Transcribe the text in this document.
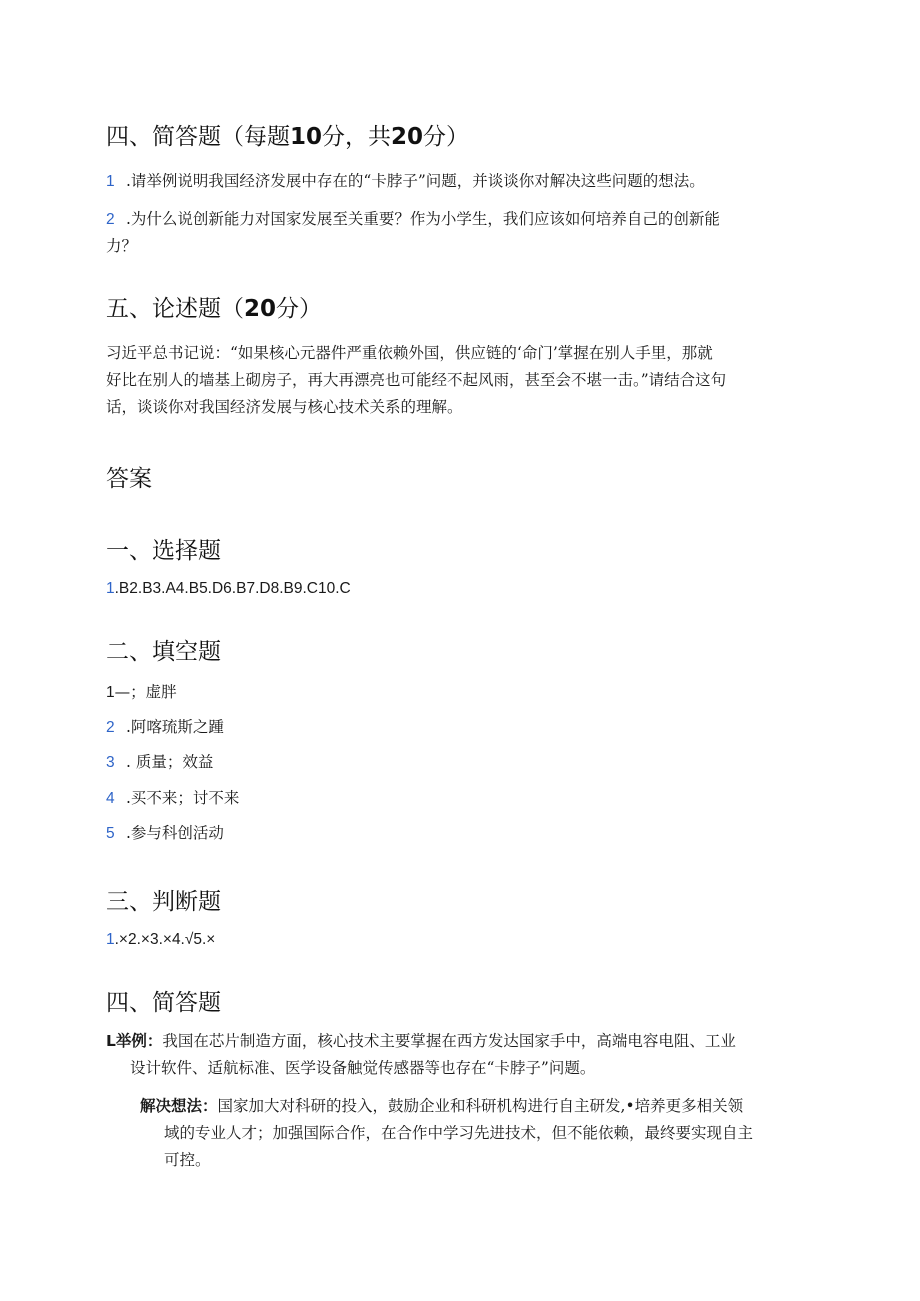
四、简答题（每题10分，共20分）
1 .请举例说明我国经济发展中存在的“卡脖子”问题，并谈谈你对解决这些问题的想法。
2 .为什么说创新能力对国家发展至关重要？作为小学生，我们应该如何培养自己的创新能
力？
五、论述题（20分）
习近平总书记说：“如果核心元器件严重依赖外国，供应链的‘命门’掌握在别人手里，那就
好比在别人的墙基上砌房子，再大再漂亮也可能经不起风雨，甚至会不堪一击。”请结合这句
话，谈谈你对我国经济发展与核心技术关系的理解。
答案
一、选择题
1.B2.B3.A4.B5.D6.B7.D8.B9.C10.C
二、填空题
1—；虚胖
2 .阿喀琉斯之踵
3 . 质量；效益
4 .买不来；讨不来
5 .参与科创活动
三、判断题
1.×2.×3.×4.√5.×
四、简答题
L举例：我国在芯片制造方面，核心技术主要掌握在西方发达国家手中，高端电容电阻、工业
设计软件、适航标准、医学设备触觉传感器等也存在“卡脖子”问题。
解决想法：国家加大对科研的投入，鼓励企业和科研机构进行自主研发,•培养更多相关领
域的专业人才；加强国际合作，在合作中学习先进技术，但不能依赖，最终要实现自主
可控。
